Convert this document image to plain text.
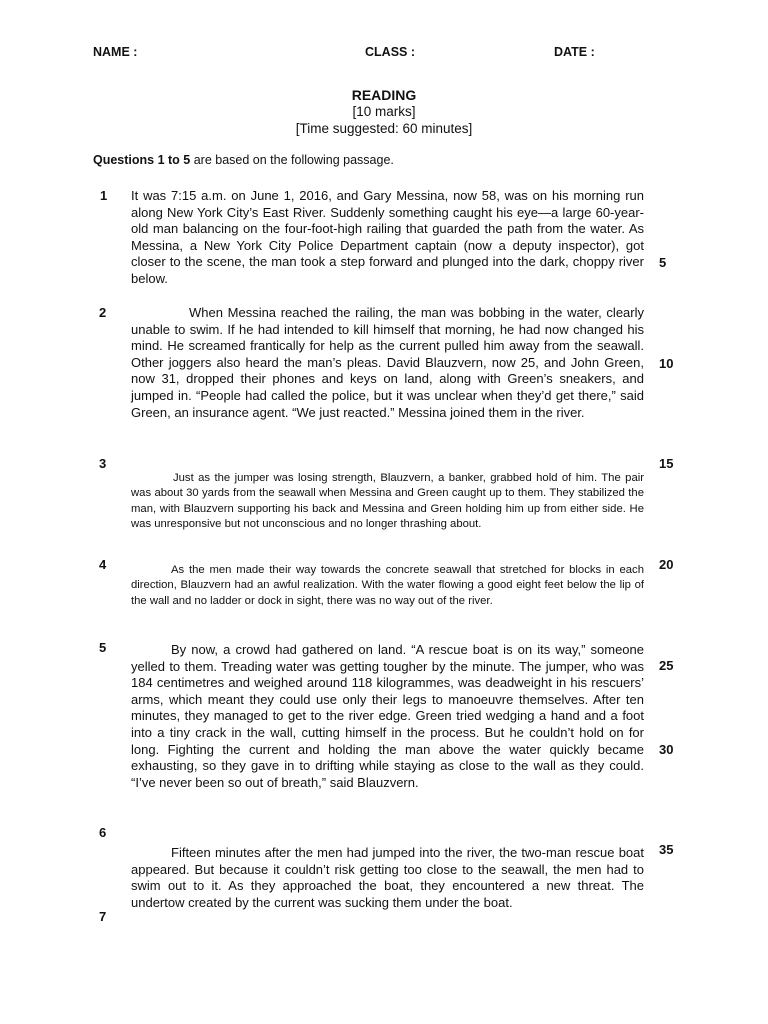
NAME :	CLASS :	DATE :
READING
[10 marks]
[Time suggested: 60 minutes]
Questions 1 to 5 are based on the following passage.
1
2
3
4
5
6
7
5
10
15
20
25
30
35
It was 7:15 a.m. on June 1, 2016, and Gary Messina, now 58, was on his morning run along New York City’s East River. Suddenly something caught his eye—a large 60-year-old man balancing on the four-foot-high railing that guarded the path from the water. As Messina, a New York City Police Department captain (now a deputy inspector), got closer to the scene, the man took a step forward and plunged into the dark, choppy river below.
When Messina reached the railing, the man was bobbing in the water, clearly unable to swim. If he had intended to kill himself that morning, he had now changed his mind. He screamed frantically for help as the current pulled him away from the seawall. Other joggers also heard the man’s pleas. David Blauzvern, now 25, and John Green, now 31, dropped their phones and keys on land, along with Green’s sneakers, and jumped in. “People had called the police, but it was unclear when they’d get there,” said Green, an insurance agent. “We just reacted.” Messina joined them in the river.
Just as the jumper was losing strength, Blauzvern, a banker, grabbed hold of him. The pair was about 30 yards from the seawall when Messina and Green caught up to them. They stabilized the man, with Blauzvern supporting his back and Messina and Green holding him up from either side. He was unresponsive but not unconscious and no longer thrashing about.
As the men made their way towards the concrete seawall that stretched for blocks in each direction, Blauzvern had an awful realization. With the water flowing a good eight feet below the lip of the wall and no ladder or dock in sight, there was no way out of the river.
By now, a crowd had gathered on land. “A rescue boat is on its way,” someone yelled to them. Treading water was getting tougher by the minute. The jumper, who was 184 centimetres and weighed around 118 kilogrammes, was deadweight in his rescuers’ arms, which meant they could use only their legs to manoeuvre themselves. After ten minutes, they managed to get to the river edge. Green tried wedging a hand and a foot into a tiny crack in the wall, cutting himself in the process. But he couldn’t hold on for long. Fighting the current and holding the man above the water quickly became exhausting, so they gave in to drifting while staying as close to the wall as they could. “I’ve never been so out of breath,” said Blauzvern.
Fifteen minutes after the men had jumped into the river, the two-man rescue boat appeared. But because it couldn’t risk getting too close to the seawall, the men had to swim out to it. As they approached the boat, they encountered a new threat. The undertow created by the current was sucking them under the boat.
